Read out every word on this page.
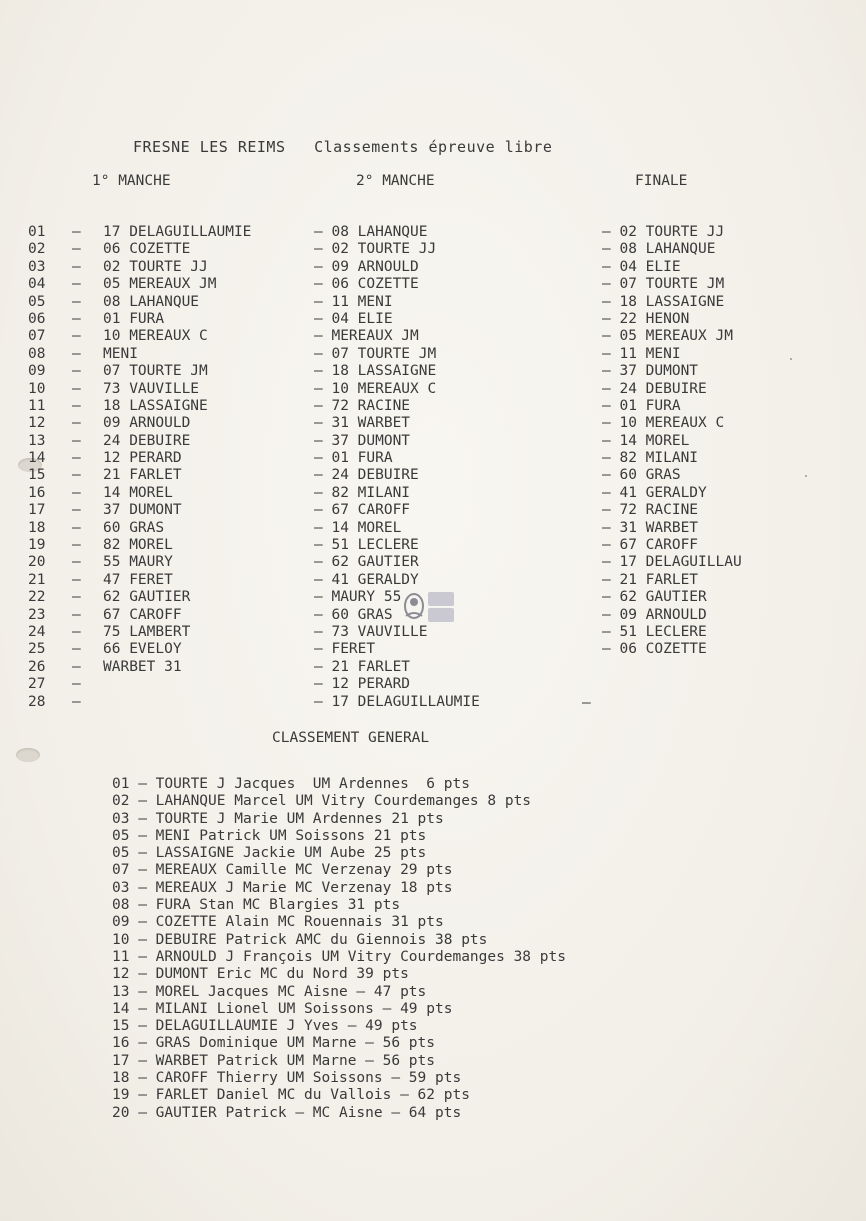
FRESNE LES REIMS   Classements épreuve libre
1° MANCHE	2° MANCHE	FINALE
01
02
03
04
05
06
07
08
09
10
11
12
13
14
15
16
17
18
19
20
21
22
23
24
25
26
27
28
–
–
–
–
–
–
–
–
–
–
–
–
–
–
–
–
–
–
–
–
–
–
–
–
–
–
–
–
17 DELAGUILLAUMIE
06 COZETTE
02 TOURTE JJ
05 MEREAUX JM
08 LAHANQUE
01 FURA
10 MEREAUX C
MENI
07 TOURTE JM
73 VAUVILLE
18 LASSAIGNE
09 ARNOULD
24 DEBUIRE
12 PERARD
21 FARLET
14 MOREL
37 DUMONT
60 GRAS
82 MOREL
55 MAURY
47 FERET
62 GAUTIER
67 CAROFF
75 LAMBERT
66 EVELOY
WARBET 31
– 08 LAHANQUE
– 02 TOURTE JJ
– 09 ARNOULD
– 06 COZETTE
– 11 MENI
– 04 ELIE
– MEREAUX JM
– 07 TOURTE JM
– 18 LASSAIGNE
– 10 MEREAUX C
– 72 RACINE
– 31 WARBET
– 37 DUMONT
– 01 FURA
– 24 DEBUIRE
– 82 MILANI
– 67 CAROFF
– 14 MOREL
– 51 LECLERE
– 62 GAUTIER
– 41 GERALDY
– MAURY 55
– 60 GRAS
– 73 VAUVILLE
– FERET
– 21 FARLET
– 12 PERARD
– 17 DELAGUILLAUMIE
– 02 TOURTE JJ
– 08 LAHANQUE
– 04 ELIE
– 07 TOURTE JM
– 18 LASSAIGNE
– 22 HENON
– 05 MEREAUX JM
– 11 MENI
– 37 DUMONT
– 24 DEBUIRE
– 01 FURA
– 10 MEREAUX C
– 14 MOREL
– 82 MILANI
– 60 GRAS
– 41 GERALDY
– 72 RACINE
– 31 WARBET
– 67 CAROFF
– 17 DELAGUILLAU
– 21 FARLET
– 62 GAUTIER
– 09 ARNOULD
– 51 LECLERE
– 06 COZETTE
–
CLASSEMENT GENERAL
01 – TOURTE J Jacques  UM Ardennes  6 pts
02 – LAHANQUE Marcel UM Vitry Courdemanges 8 pts
03 – TOURTE J Marie UM Ardennes 21 pts
05 – MENI Patrick UM Soissons 21 pts
05 – LASSAIGNE Jackie UM Aube 25 pts
07 – MEREAUX Camille MC Verzenay 29 pts
03 – MEREAUX J Marie MC Verzenay 18 pts
08 – FURA Stan MC Blargies 31 pts
09 – COZETTE Alain MC Rouennais 31 pts
10 – DEBUIRE Patrick AMC du Giennois 38 pts
11 – ARNOULD J François UM Vitry Courdemanges 38 pts
12 – DUMONT Eric MC du Nord 39 pts
13 – MOREL Jacques MC Aisne – 47 pts
14 – MILANI Lionel UM Soissons – 49 pts
15 – DELAGUILLAUMIE J Yves – 49 pts
16 – GRAS Dominique UM Marne – 56 pts
17 – WARBET Patrick UM Marne – 56 pts
18 – CAROFF Thierry UM Soissons – 59 pts
19 – FARLET Daniel MC du Vallois – 62 pts
20 – GAUTIER Patrick – MC Aisne – 64 pts
